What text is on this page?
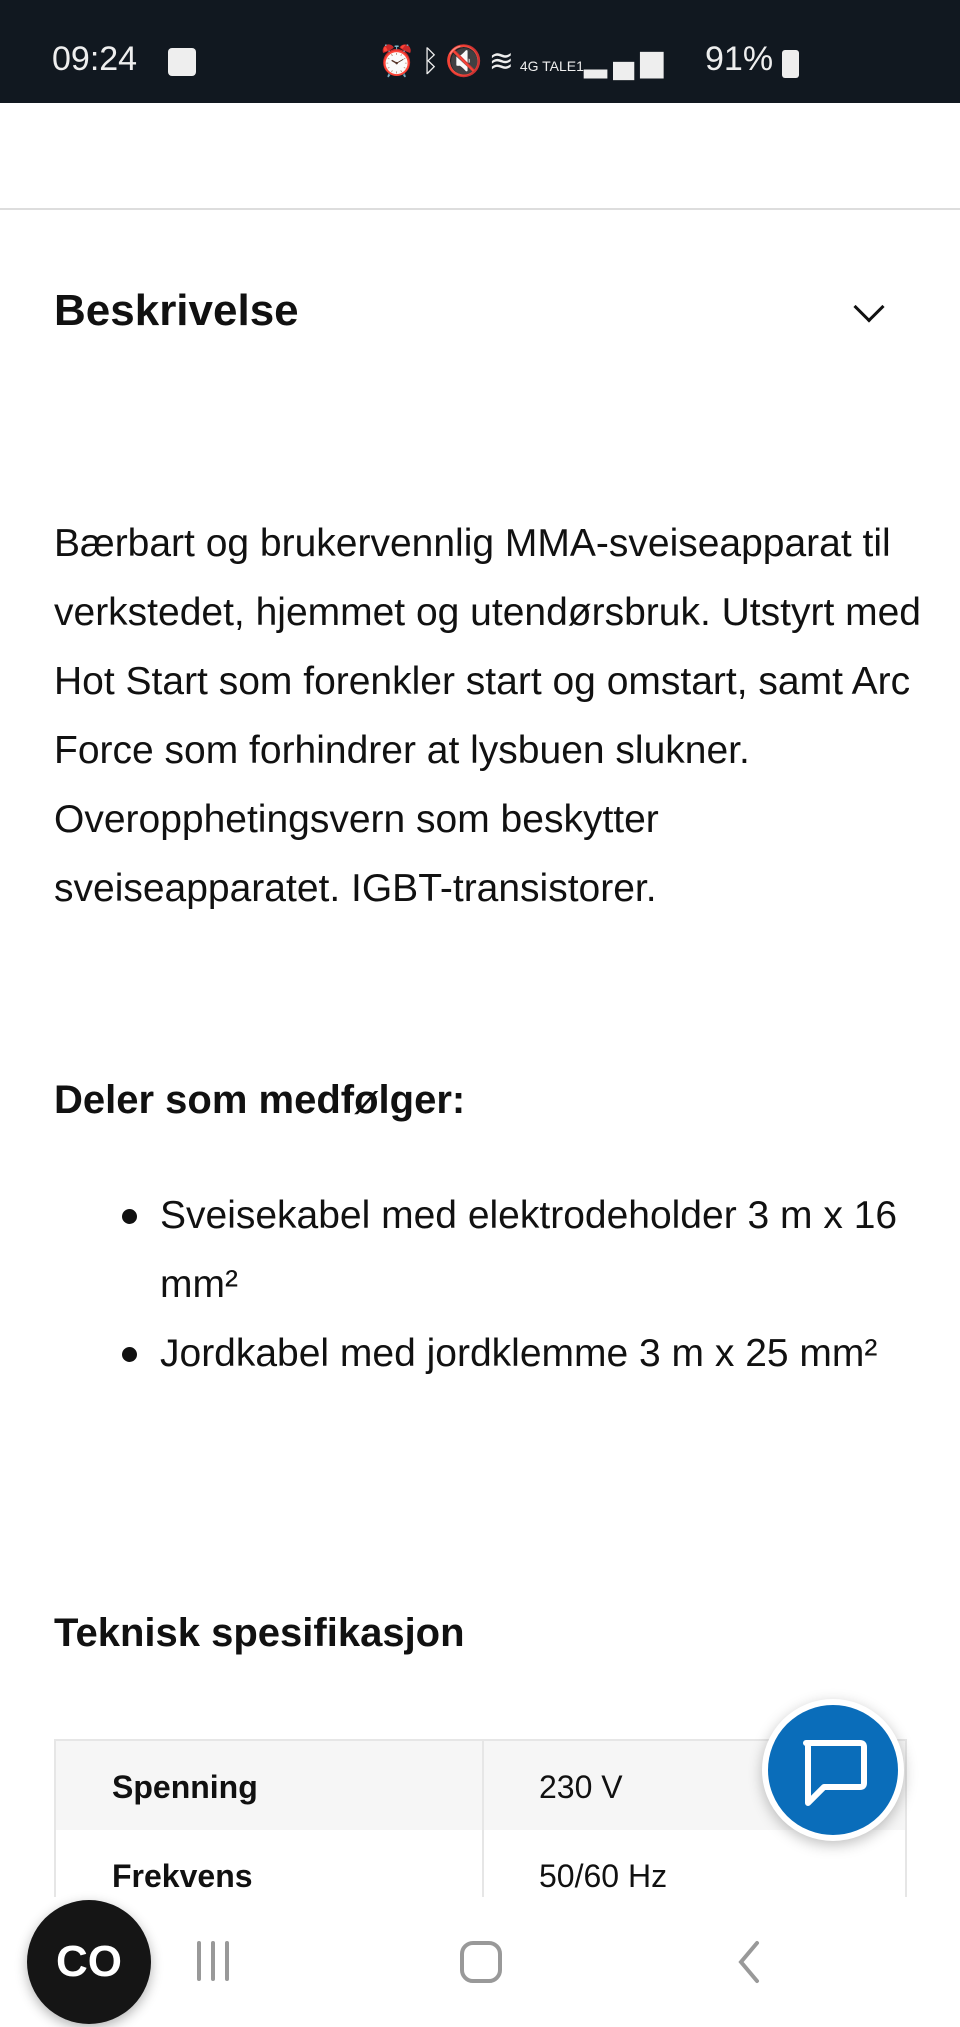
09:24	⏰ᛒ🔇≋4G TALE1▂▄▆ 91%
Beskrivelse

Bærbart og brukervennlig MMA-sveiseapparat til verkstedet, hjemmet og utendørsbruk. Utstyrt med Hot Start som forenkler start og omstart, samt Arc Force som forhindrer at lysbuen slukner. Overopphetingsvern som beskytter sveiseapparatet. IGBT-transistorer.

Deler som medfølger:
Sveisekabel med elektrodeholder 3 m x 16 mm²
Jordkabel med jordklemme 3 m x 25 mm²
Teknisk spesifikasjon
Spenning	230 V
Frekvens	50/60 Hz
CO
